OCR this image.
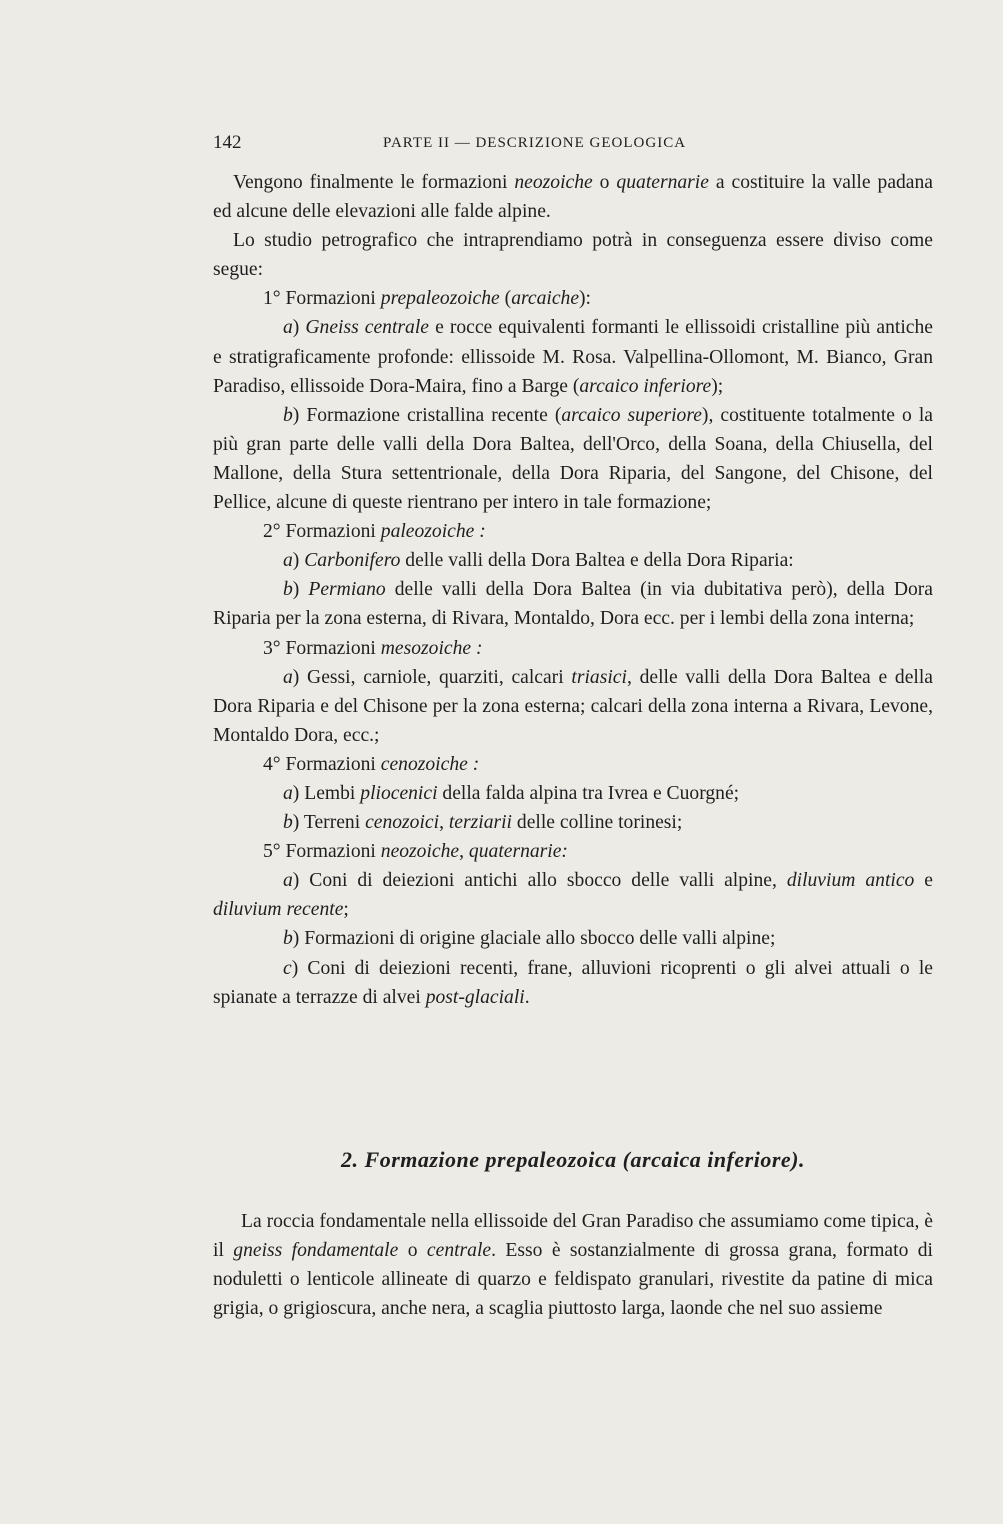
142	PARTE II — DESCRIZIONE GEOLOGICA

Vengono finalmente le formazioni neozoiche o quaternarie a costituire la valle padana ed alcune delle elevazioni alle falde alpine.

Lo studio petrografico che intraprendiamo potrà in conseguenza essere diviso come segue:

1° Formazioni prepaleozoiche (arcaiche):

a) Gneiss centrale e rocce equivalenti formanti le ellissoidi cristalline più antiche e stratigraficamente profonde: ellissoide M. Rosa. Valpellina-Ollomont, M. Bianco, Gran Paradiso, ellissoide Dora-Maira, fino a Barge (arcaico inferiore);

b) Formazione cristallina recente (arcaico superiore), costituente totalmente o la più gran parte delle valli della Dora Baltea, dell'Orco, della Soana, della Chiusella, del Mallone, della Stura settentrionale, della Dora Riparia, del Sangone, del Chisone, del Pellice, alcune di queste rientrano per intero in tale formazione;

2° Formazioni paleozoiche :

a) Carbonifero delle valli della Dora Baltea e della Dora Riparia:

b) Permiano delle valli della Dora Baltea (in via dubitativa però), della Dora Riparia per la zona esterna, di Rivara, Montaldo, Dora ecc. per i lembi della zona interna;

3° Formazioni mesozoiche :

a) Gessi, carniole, quarziti, calcari triasici, delle valli della Dora Baltea e della Dora Riparia e del Chisone per la zona esterna; calcari della zona interna a Rivara, Levone, Montaldo Dora, ecc.;

4° Formazioni cenozoiche :

a) Lembi pliocenici della falda alpina tra Ivrea e Cuorgné;

b) Terreni cenozoici, terziarii delle colline torinesi;

5° Formazioni neozoiche, quaternarie:

a) Coni di deiezioni antichi allo sbocco delle valli alpine, diluvium antico e diluvium recente;

b) Formazioni di origine glaciale allo sbocco delle valli alpine;

c) Coni di deiezioni recenti, frane, alluvioni ricoprenti o gli alvei attuali o le spianate a terrazze di alvei post-glaciali.

2. Formazione prepaleozoica (arcaica inferiore).

La roccia fondamentale nella ellissoide del Gran Paradiso che assumiamo come tipica, è il gneiss fondamentale o centrale. Esso è sostanzialmente di grossa grana, formato di noduletti o lenticole allineate di quarzo e feldispato granulari, rivestite da patine di mica grigia, o grigioscura, anche nera, a scaglia piuttosto larga, laonde che nel suo assieme
